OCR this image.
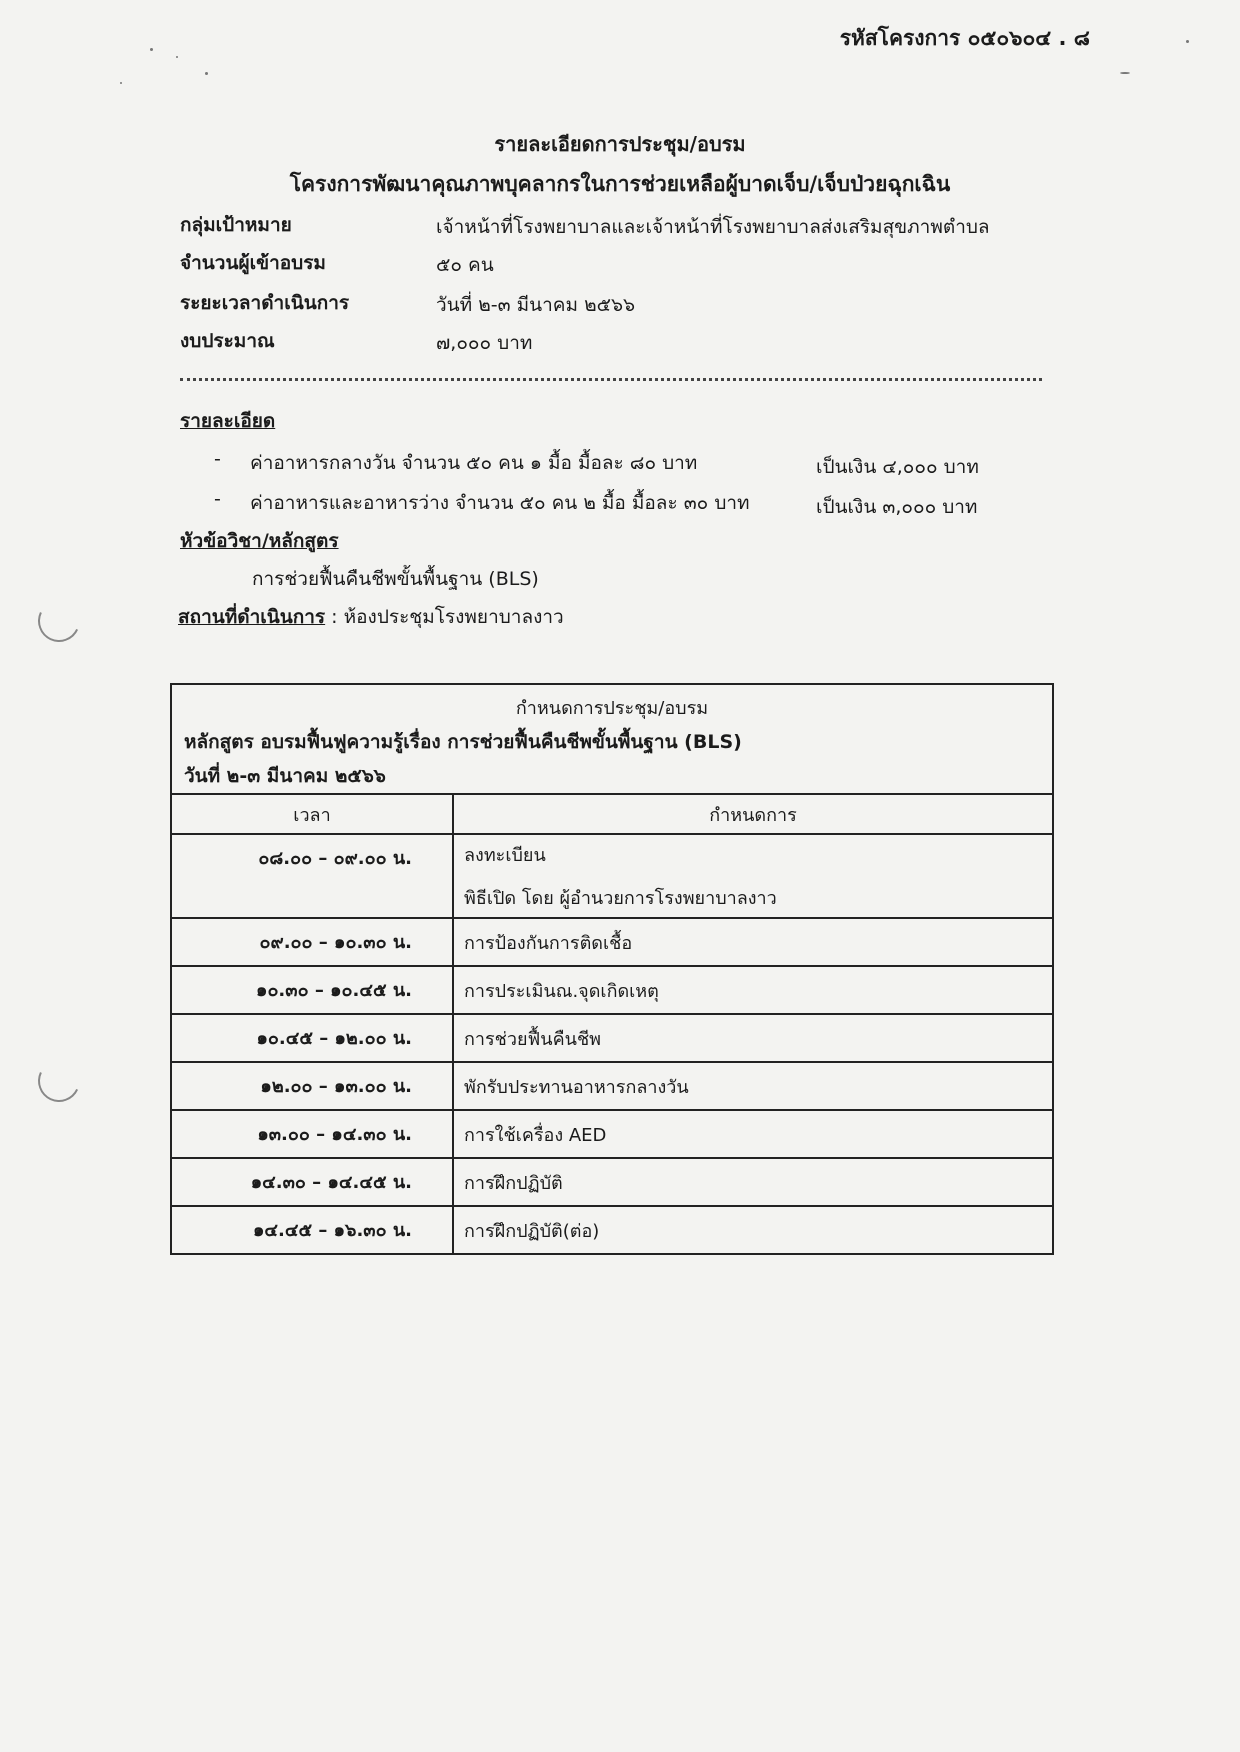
รหัสโครงการ ๐๕๐๖๐๔ . ๘
รายละเอียดการประชุม/อบรม
โครงการพัฒนาคุณภาพบุคลากรในการช่วยเหลือผู้บาดเจ็บ/เจ็บป่วยฉุกเฉิน
กลุ่มเป้าหมาย	เจ้าหน้าที่โรงพยาบาลและเจ้าหน้าที่โรงพยาบาลส่งเสริมสุขภาพตำบล
จำนวนผู้เข้าอบรม	๕๐ คน
ระยะเวลาดำเนินการ	วันที่ ๒-๓ มีนาคม ๒๕๖๖
งบประมาณ	๗,๐๐๐ บาท
รายละเอียด
- ค่าอาหารกลางวัน จำนวน ๕๐ คน ๑ มื้อ มื้อละ ๘๐ บาท	เป็นเงิน ๔,๐๐๐ บาท
- ค่าอาหารและอาหารว่าง จำนวน ๕๐ คน ๒ มื้อ มื้อละ ๓๐ บาท	เป็นเงิน ๓,๐๐๐ บาท
หัวข้อวิชา/หลักสูตร
การช่วยฟื้นคืนชีพขั้นพื้นฐาน (BLS)
สถานที่ดำเนินการ : ห้องประชุมโรงพยาบาลงาว
กำหนดการประชุม/อบรม
หลักสูตร อบรมฟื้นฟูความรู้เรื่อง การช่วยฟื้นคืนชีพขั้นพื้นฐาน (BLS)
วันที่ ๒-๓ มีนาคม ๒๕๖๖
เวลา	กำหนดการ
๐๘.๐๐ – ๐๙.๐๐ น.	ลงทะเบียน
พิธีเปิด โดย ผู้อำนวยการโรงพยาบาลงาว

๐๙.๐๐ – ๑๐.๓๐ น.	การป้องกันการติดเชื้อ
๑๐.๓๐ – ๑๐.๔๕ น.	การประเมินณ.จุดเกิดเหตุ
๑๐.๔๕ – ๑๒.๐๐ น.	การช่วยฟื้นคืนชีพ
๑๒.๐๐ – ๑๓.๐๐ น.	พักรับประทานอาหารกลางวัน
๑๓.๐๐ – ๑๔.๓๐ น.	การใช้เครื่อง AED
๑๔.๓๐ – ๑๔.๔๕ น.	การฝึกปฏิบัติ
๑๔.๔๕ – ๑๖.๓๐ น.	การฝึกปฏิบัติ(ต่อ)
